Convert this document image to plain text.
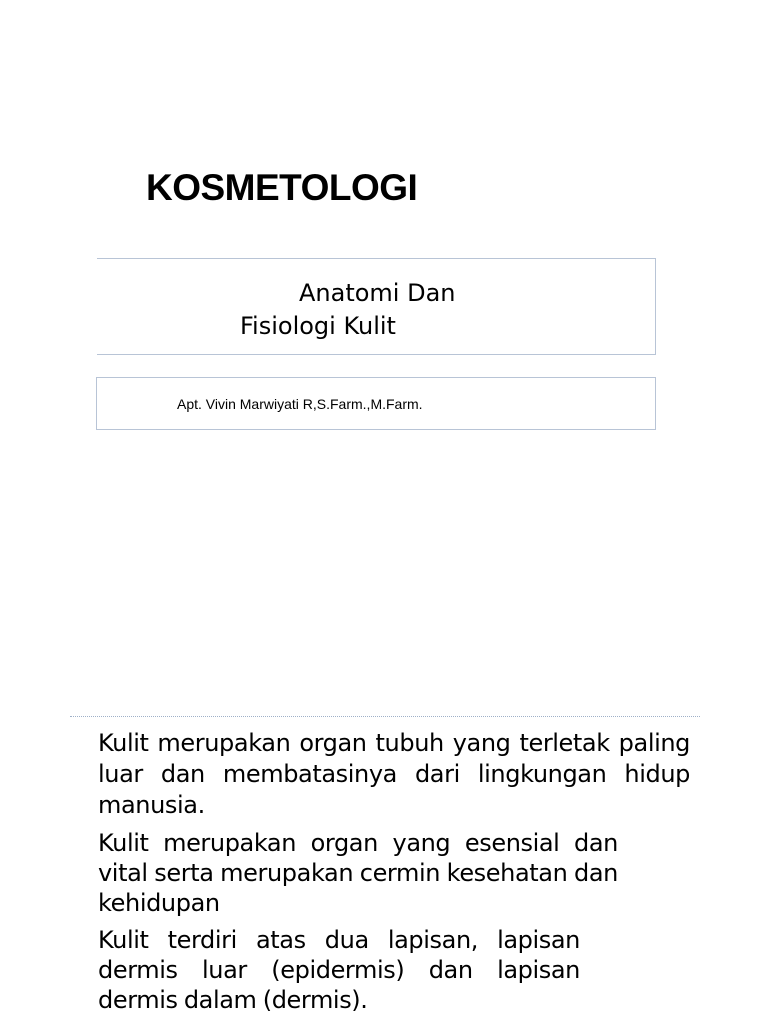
KOSMETOLOGI
Anatomi Dan
Fisiologi Kulit
Apt. Vivin Marwiyati R,S.Farm.,M.Farm.
Kulit merupakan organ tubuh yang terletak paling luar dan membatasinya dari lingkungan hidup manusia.
Kulit merupakan organ yang esensial dan vital serta merupakan cermin kesehatan dan kehidupan
Kulit terdiri atas dua lapisan, lapisan dermis luar (epidermis) dan lapisan dermis dalam (dermis).
